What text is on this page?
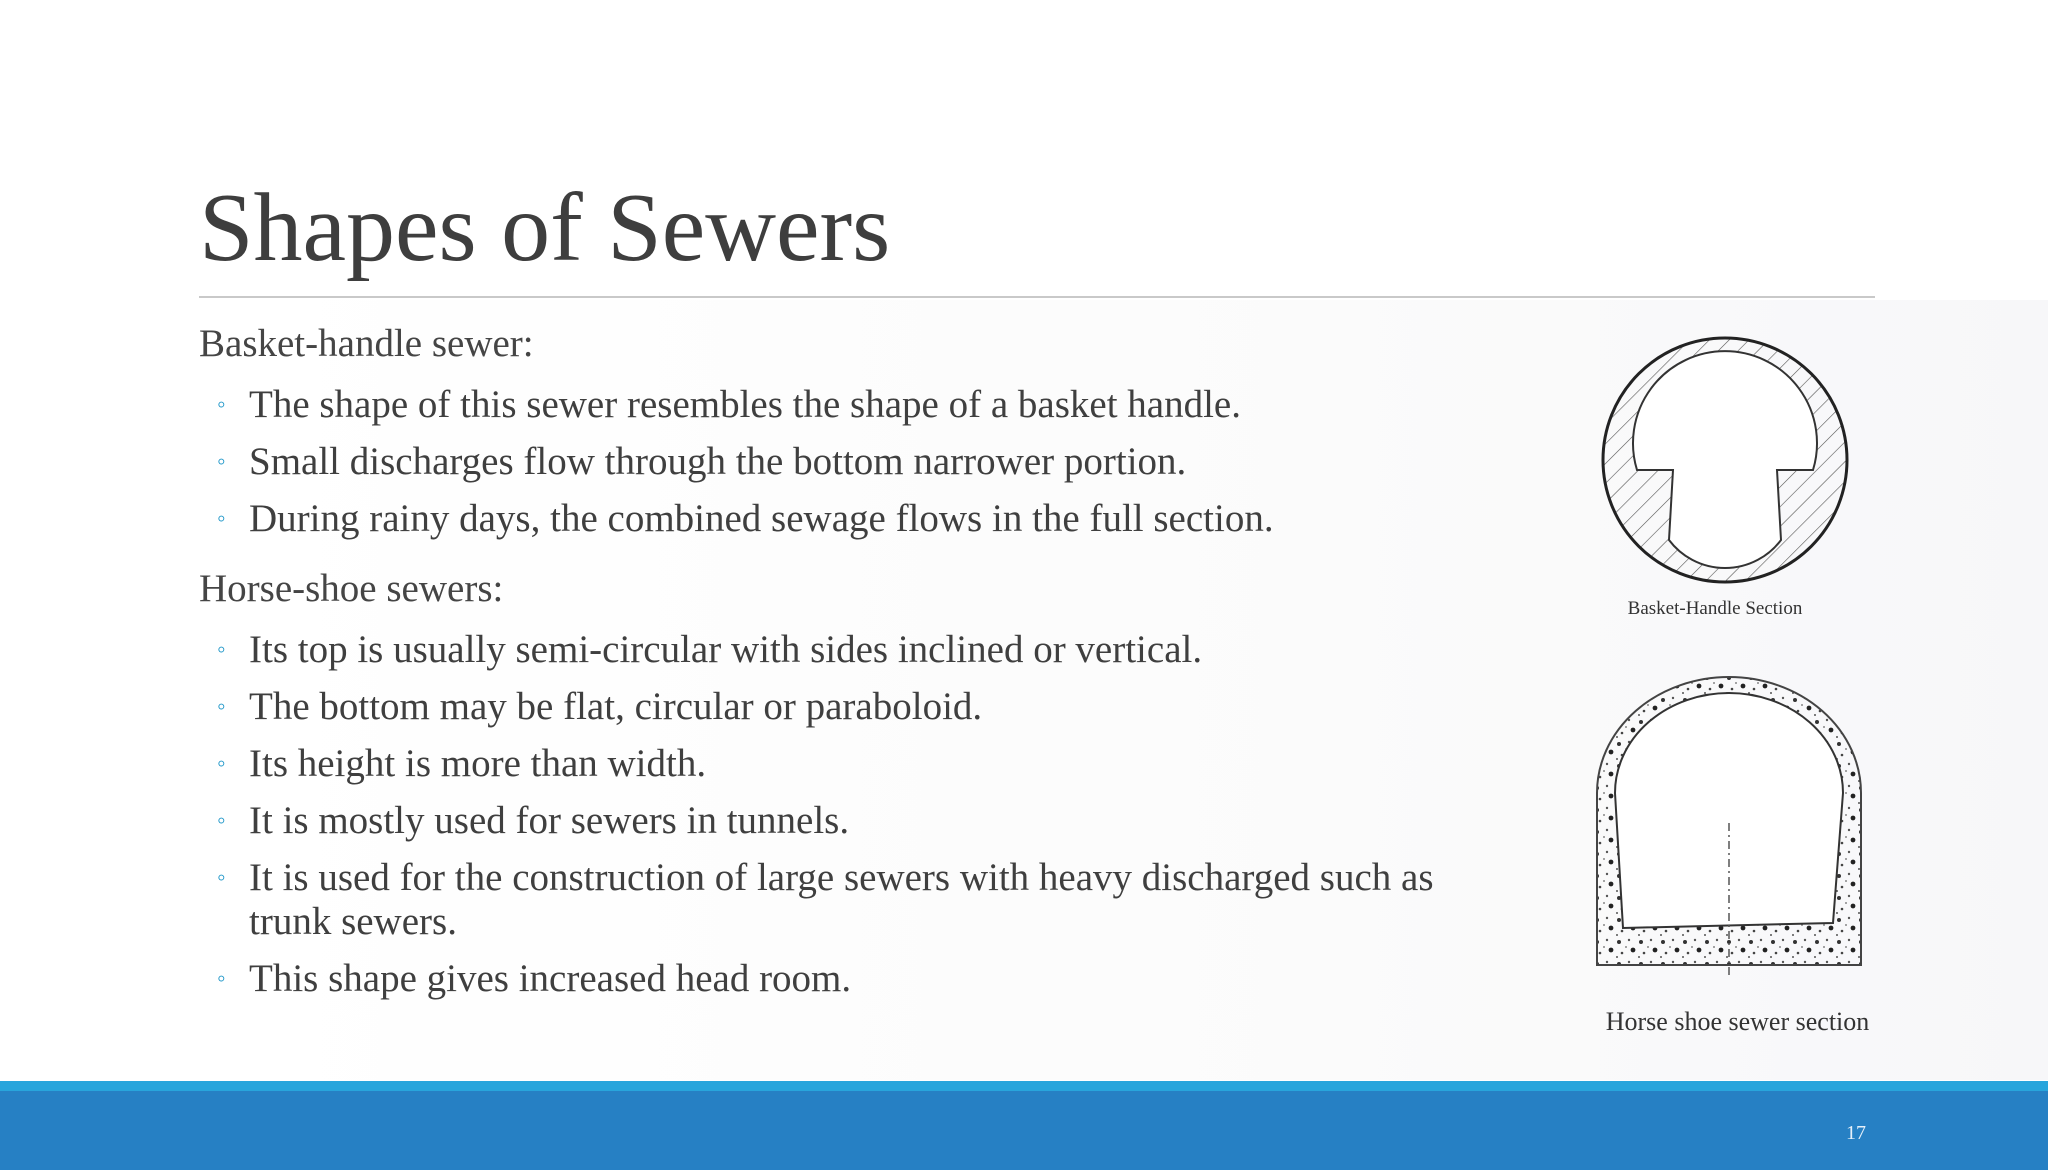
Shapes of Sewers
Basket-handle sewer:
◦ The shape of this sewer resembles the shape of a basket handle.
◦ Small discharges flow through the bottom narrower portion.
◦ During rainy days, the combined sewage flows in the full section.
Horse-shoe sewers:
◦ Its top is usually semi-circular with sides inclined or vertical.
◦ The bottom may be flat, circular or paraboloid.
◦ Its height is more than width.
◦ It is mostly used for sewers in tunnels.
◦ It is used for the construction of large sewers with heavy discharged such as trunk sewers.
◦ This shape gives increased head room.
Basket-Handle Section
Horse shoe sewer section
17
